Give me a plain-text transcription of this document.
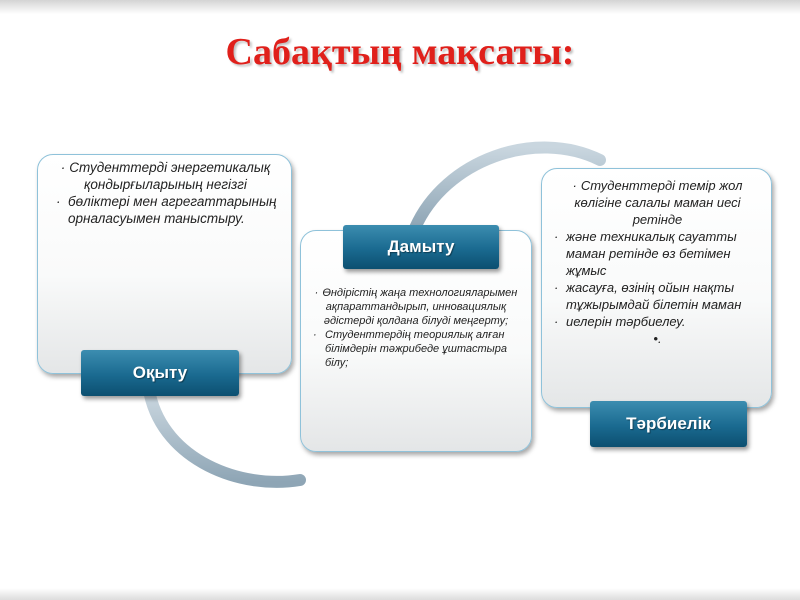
Сабақтың мақсаты:
· Студенттерді энергетикалық қондырғыларының негізгі
· бөліктері мен агрегаттарының орналасуымен таныстыру.
Оқыту
· Өндірістің жаңа технологияларымен ақпараттандырып, инновациялық әдістерді қолдана білуді меңгерту;
· Студенттердің теориялық алған білімдерін тәжрибеде ұштастыра білу;
Дамыту
· Студенттерді темір жол көлігіне салалы маман иесі ретінде
· және техникалық сауатты маман ретінде өз бетімен жұмыс
· жасауға, өзінің ойын нақты тұжырымдай білетін маман
· иелерін тәрбиелеу.
•.
Тәрбиелік
